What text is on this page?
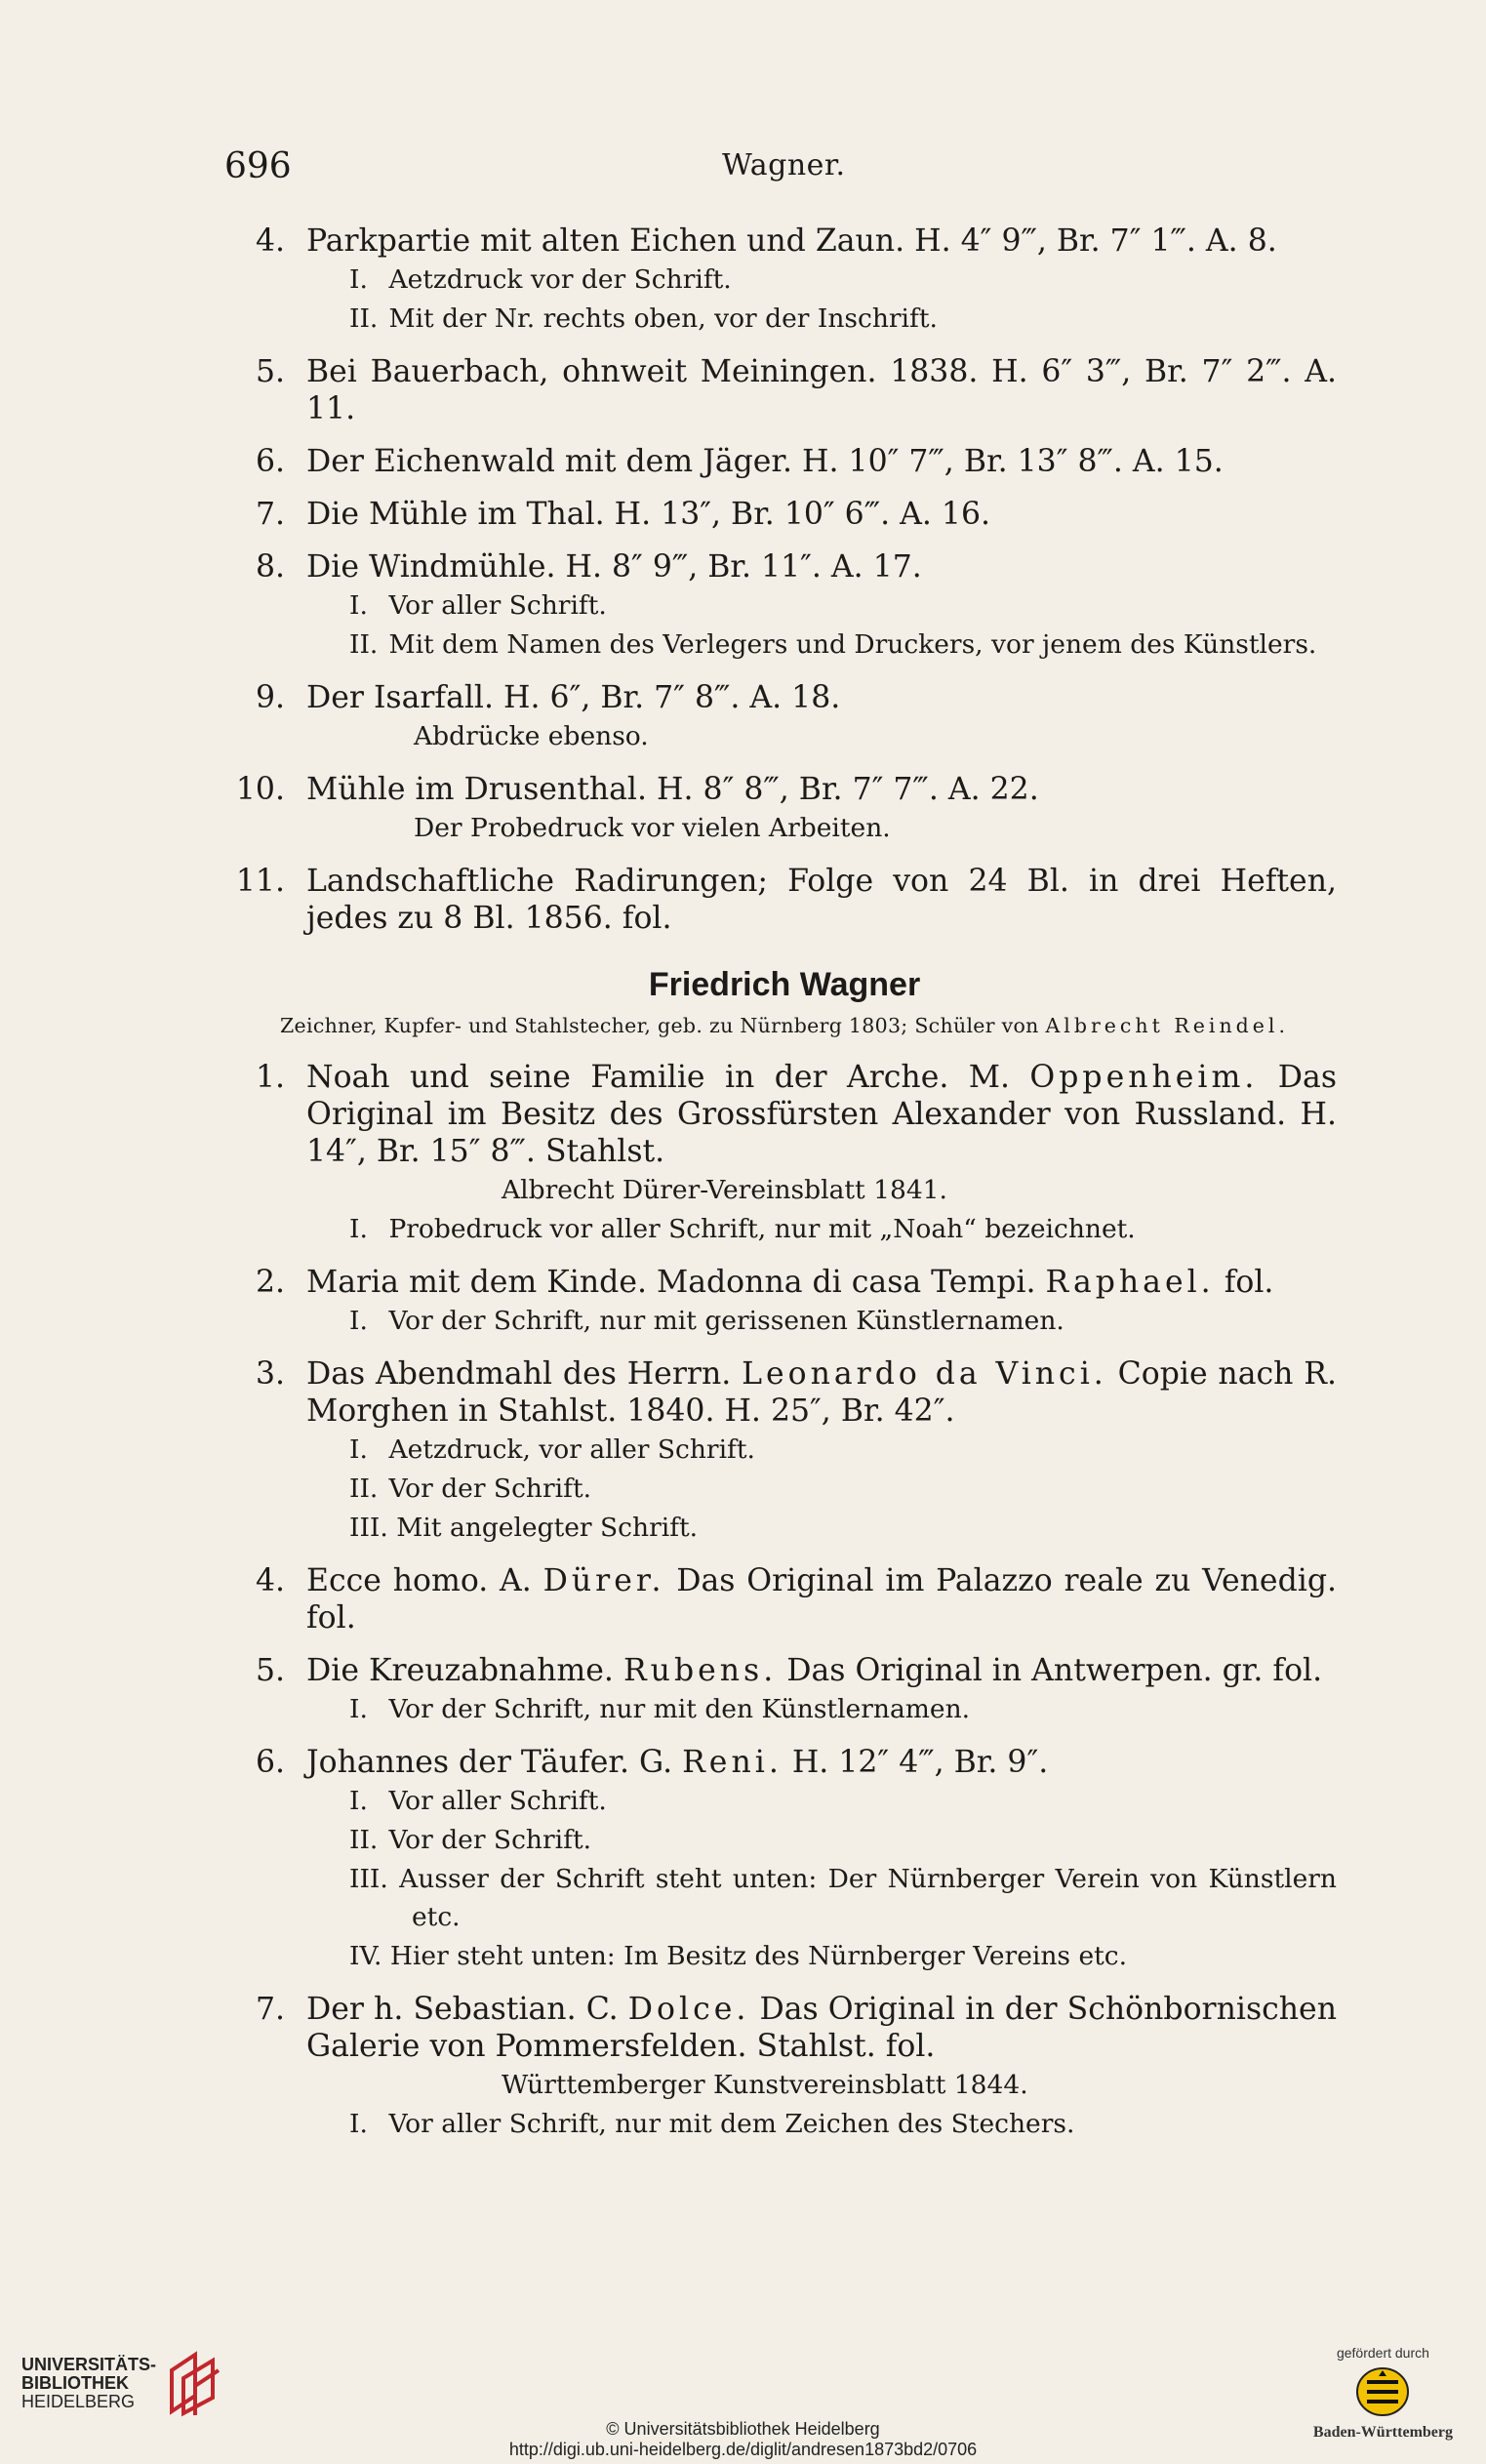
696	Wagner.
4. Parkpartie mit alten Eichen und Zaun. H. 4″ 9‴, Br. 7″ 1‴. A. 8.
I. Aetzdruck vor der Schrift.
II. Mit der Nr. rechts oben, vor der Inschrift.
5. Bei Bauerbach, ohnweit Meiningen. 1838. H. 6″ 3‴, Br. 7″ 2‴. A. 11.
6. Der Eichenwald mit dem Jäger. H. 10″ 7‴, Br. 13″ 8‴. A. 15.
7. Die Mühle im Thal. H. 13″, Br. 10″ 6‴. A. 16.
8. Die Windmühle. H. 8″ 9‴, Br. 11″. A. 17.
I. Vor aller Schrift.
II. Mit dem Namen des Verlegers und Druckers, vor jenem des Künstlers.
9. Der Isarfall. H. 6″, Br. 7″ 8‴. A. 18.
Abdrücke ebenso.
10. Mühle im Drusenthal. H. 8″ 8‴, Br. 7″ 7‴. A. 22.
Der Probedruck vor vielen Arbeiten.
11. Landschaftliche Radirungen; Folge von 24 Bl. in drei Heften, jedes zu 8 Bl. 1856. fol.
Friedrich Wagner
Zeichner, Kupfer- und Stahlstecher, geb. zu Nürnberg 1803; Schüler von Albrecht Reindel.
1. Noah und seine Familie in der Arche. M. Oppenheim. Das Original im Besitz des Grossfürsten Alexander von Russland. H. 14″, Br. 15″ 8‴. Stahlst.
Albrecht Dürer-Vereinsblatt 1841.
I. Probedruck vor aller Schrift, nur mit „Noah“ bezeichnet.
2. Maria mit dem Kinde. Madonna di casa Tempi. Raphael. fol.
I. Vor der Schrift, nur mit gerissenen Künstlernamen.
3. Das Abendmahl des Herrn. Leonardo da Vinci. Copie nach R. Morghen in Stahlst. 1840. H. 25″, Br. 42″.
I. Aetzdruck, vor aller Schrift.
II. Vor der Schrift.
III. Mit angelegter Schrift.
4. Ecce homo. A. Dürer. Das Original im Palazzo reale zu Venedig. fol.
5. Die Kreuzabnahme. Rubens. Das Original in Antwerpen. gr. fol.
I. Vor der Schrift, nur mit den Künstlernamen.
6. Johannes der Täufer. G. Reni. H. 12″ 4‴, Br. 9″.
I. Vor aller Schrift.
II. Vor der Schrift.
III. Ausser der Schrift steht unten: Der Nürnberger Verein von Künstlern etc.
IV. Hier steht unten: Im Besitz des Nürnberger Vereins etc.
7. Der h. Sebastian. C. Dolce. Das Original in der Schönbornischen Galerie von Pommersfelden. Stahlst. fol.
Württemberger Kunstvereinsblatt 1844.
I. Vor aller Schrift, nur mit dem Zeichen des Stechers.
UNIVERSITÄTS-
BIBLIOTHEK
HEIDELBERG
© Universitätsbibliothek Heidelberg
http://digi.ub.uni-heidelberg.de/diglit/andresen1873bd2/0706
gefördert durch
Baden-Württemberg
